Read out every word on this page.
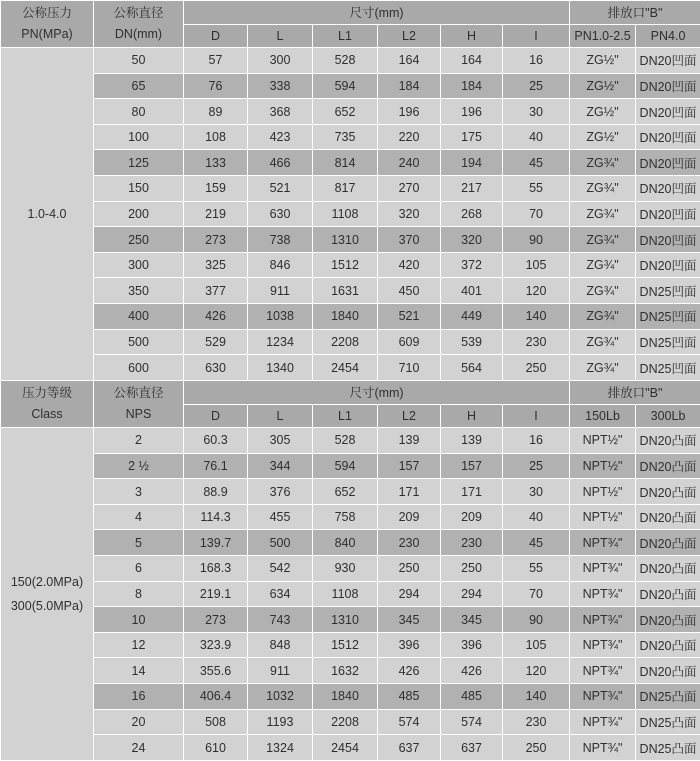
公称压力
PN(MPa)

公称直径
DN(mm)
	尺寸(mm)	排放口"B"
		D	L	L1	L2	H	I	PN1.0-2.5	PN4.0

1.0-4.0	50	57	300	528	164	164	16	ZG½"	DN20凹面
	65	76	338	594	184	184	25	ZG½"	DN20凹面
	80	89	368	652	196	196	30	ZG½"	DN20凹面
	100	108	423	735	220	175	40	ZG½"	DN20凹面
	125	133	466	814	240	194	45	ZG¾"	DN20凹面
	150	159	521	817	270	217	55	ZG¾"	DN20凹面
	200	219	630	1108	320	268	70	ZG¾"	DN20凹面
	250	273	738	1310	370	320	90	ZG¾"	DN20凹面
	300	325	846	1512	420	372	105	ZG¾"	DN20凹面
	350	377	911	1631	450	401	120	ZG¾"	DN25凹面
	400	426	1038	1840	521	449	140	ZG¾"	DN25凹面
	500	529	1234	2208	609	539	230	ZG¾"	DN25凹面
	600	630	1340	2454	710	564	250	ZG¾"	DN25凹面

压力等级
Class

公称直径
NPS
	尺寸(mm)	排放口"B"
		D	L	L1	L2	H	I	150Lb	300Lb

150(2.0MPa)
300(5.0MPa)	2	60.3	305	528	139	139	16	NPT½"	DN20凸面
	2 ½	76.1	344	594	157	157	25	NPT½"	DN20凸面
	3	88.9	376	652	171	171	30	NPT½"	DN20凸面
	4	114.3	455	758	209	209	40	NPT½"	DN20凸面
	5	139.7	500	840	230	230	45	NPT¾"	DN20凸面
	6	168.3	542	930	250	250	55	NPT¾"	DN20凸面
	8	219.1	634	1108	294	294	70	NPT¾"	DN20凸面
	10	273	743	1310	345	345	90	NPT¾"	DN20凸面
	12	323.9	848	1512	396	396	105	NPT¾"	DN20凸面
	14	355.6	911	1632	426	426	120	NPT¾"	DN20凸面
	16	406.4	1032	1840	485	485	140	NPT¾"	DN25凸面
	20	508	1193	2208	574	574	230	NPT¾"	DN25凸面
	24	610	1324	2454	637	637	250	NPT¾"	DN25凸面
